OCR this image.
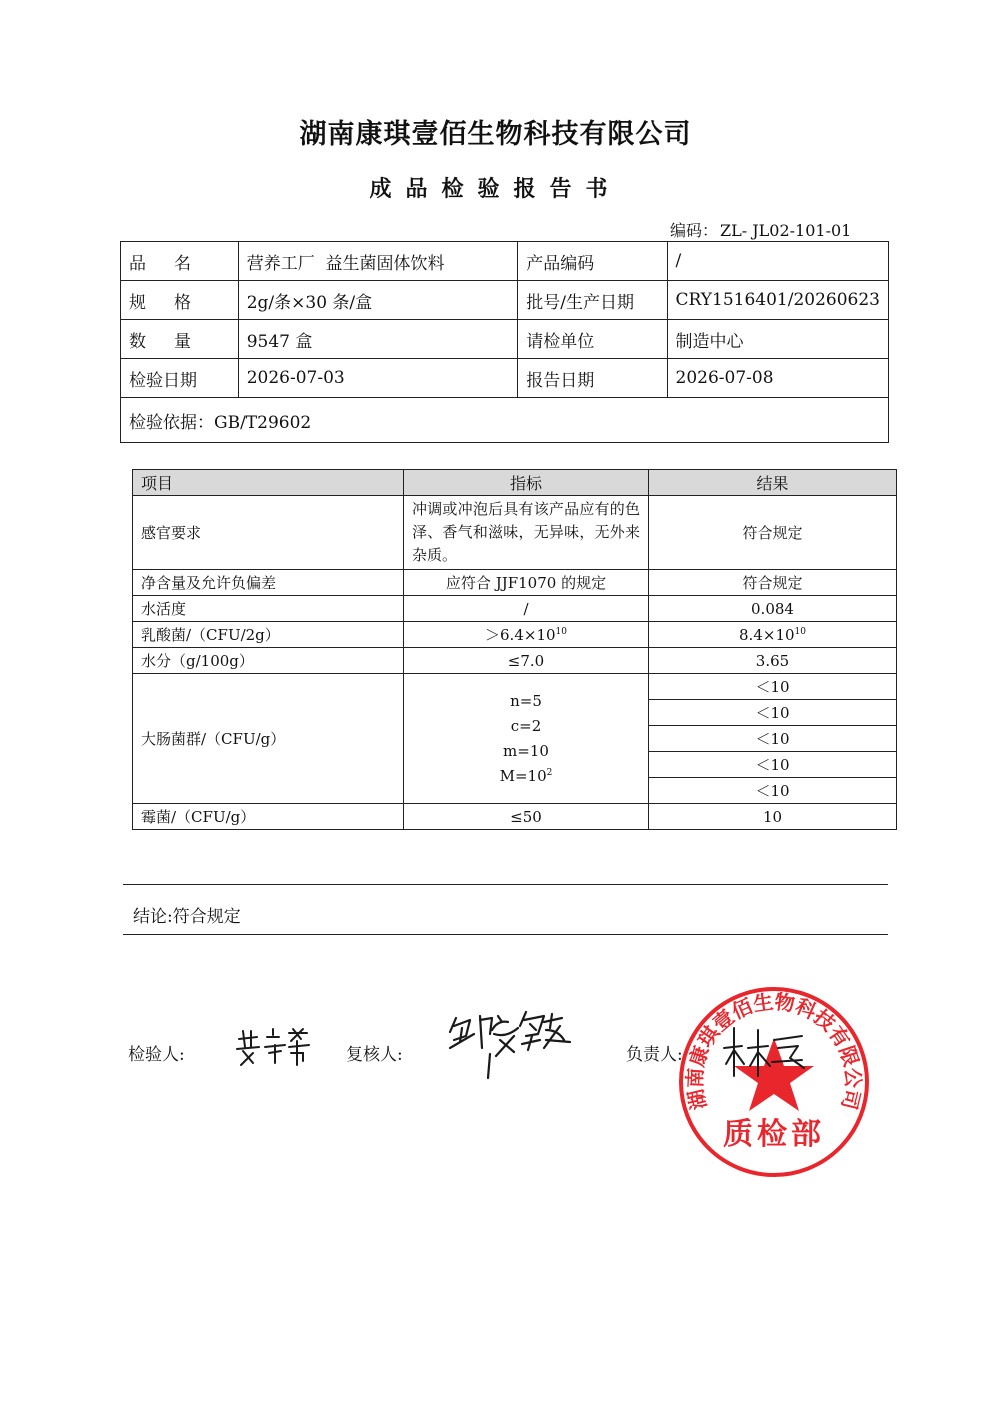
湖南康琪壹佰生物科技有限公司
成品检验报告书
编码： ZL- JL02-101-01
品 名	营养工厂  益生菌固体饮料	产品编码	/

规 格	2g/条×30 条/盒	批号/生产日期	CRY1516401/20260623

数 量	9547 盒	请检单位	制造中心
检验日期	2026-07-03	报告日期	2026-07-08
检验依据：GB/T29602			
项目	指标	结果
感官要求	冲调或冲泡后具有该产品应有的色泽、香气和滋味，无异味，无外来杂质。	符合规定
净含量及允许负偏差	应符合 JJF1070 的规定	符合规定
水活度	/	0.084
乳酸菌/（CFU/2g）	$>6.4\times 10^{10}$	$8.4\times 10^{10}$
水分（g/100g）	≤7.0	3.65
大肠菌群/（CFU/g）	n=5
c=2
m=10
$M=10^2$	＜10
		＜10
		＜10
		＜10
		＜10
霉菌/（CFU/g）	≤50	10
结论:符合规定
检验人:	复核人:	负责人:
湖南康琪壹佰生物科技有限公司
质检部
